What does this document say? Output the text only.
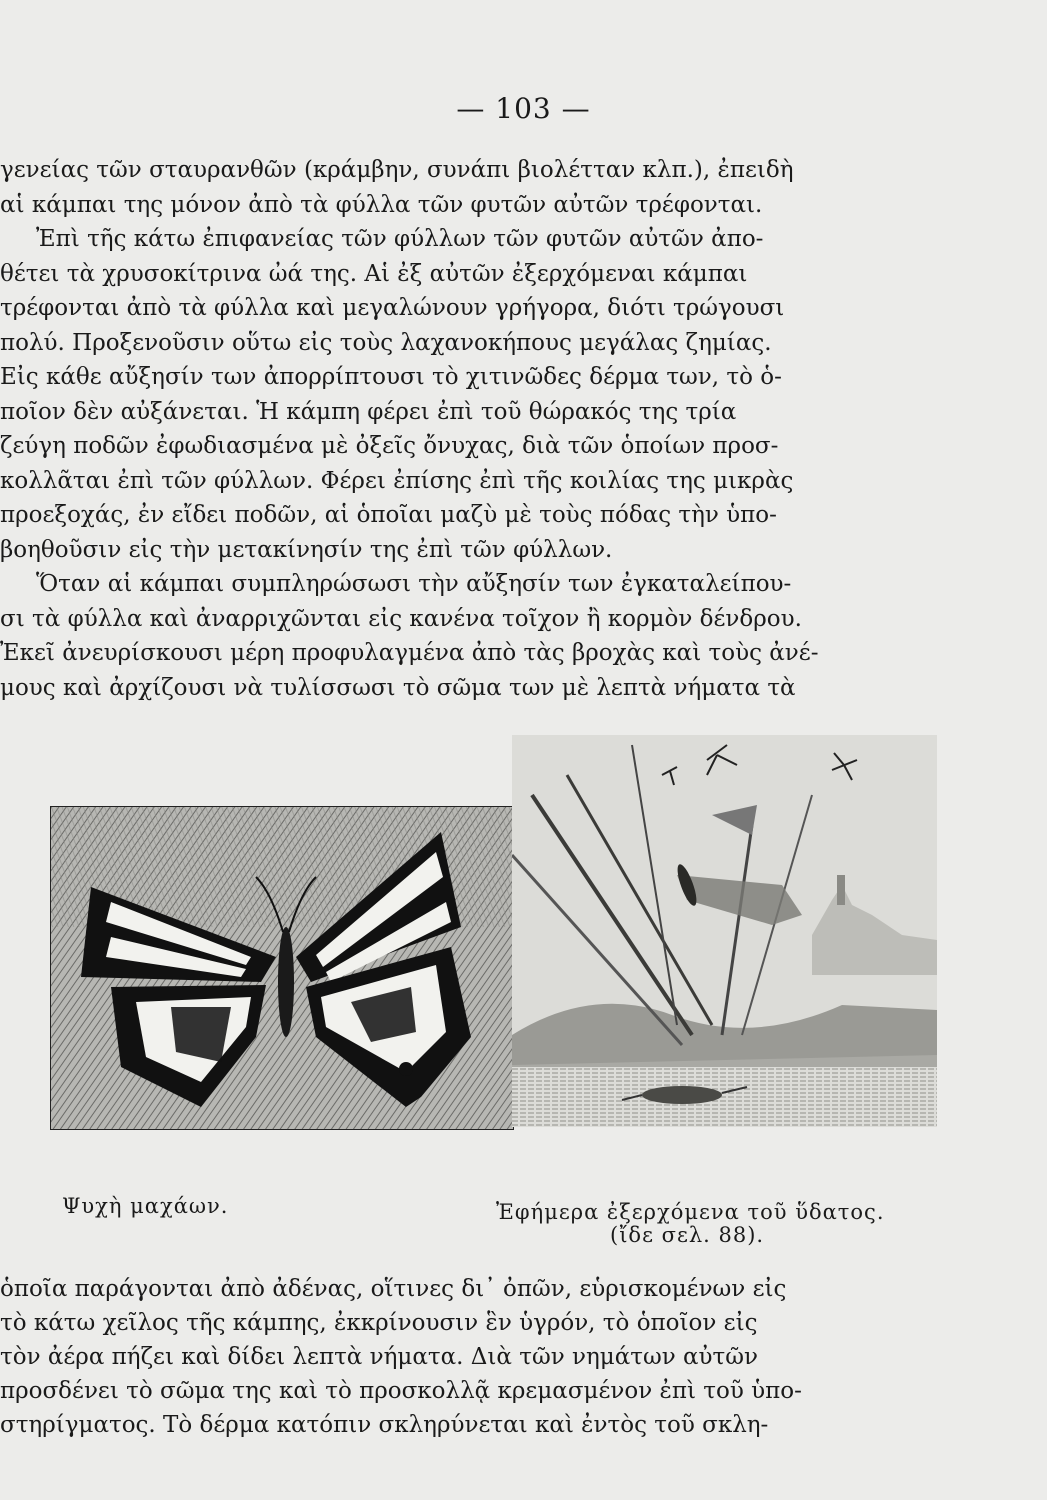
— 103 —

γενείας τῶν σταυρανθῶν (κράμβην, συνάπι βιολέτταν κλπ.), ἐπειδὴ

αἱ κάμπαι της μόνον ἀπὸ τὰ φύλλα τῶν φυτῶν αὐτῶν τρέφονται.

Ἐπὶ τῆς κάτω ἐπιφανείας τῶν φύλλων τῶν φυτῶν αὐτῶν ἀπο-

θέτει τὰ χρυσοκίτρινα ὠά της. Αἱ ἐξ αὐτῶν ἐξερχόμεναι κάμπαι

τρέφονται ἀπὸ τὰ φύλλα καὶ μεγαλώνουν γρήγορα, διότι τρώγουσι

πολύ. Προξενοῦσιν οὕτω εἰς τοὺς λαχανοκήπους μεγάλας ζημίας.

Εἰς κάθε αὔξησίν των ἀπορρίπτουσι τὸ χιτινῶδες δέρμα των, τὸ ὁ-

ποῖον δὲν αὐξάνεται. Ἡ κάμπη φέρει ἐπὶ τοῦ θώρακός της τρία

ζεύγη ποδῶν ἐφωδιασμένα μὲ ὀξεῖς ὄνυχας, διὰ τῶν ὁποίων προσ-

κολλᾶται ἐπὶ τῶν φύλλων. Φέρει ἐπίσης ἐπὶ τῆς κοιλίας της μικρὰς

προεξοχάς, ἐν εἴδει ποδῶν, αἱ ὁποῖαι μαζὺ μὲ τοὺς πόδας τὴν ὑπο-

βοηθοῦσιν εἰς τὴν μετακίνησίν της ἐπὶ τῶν φύλλων.

Ὅταν αἱ κάμπαι συμπληρώσωσι τὴν αὔξησίν των ἐγκαταλείπου-

σι τὰ φύλλα καὶ ἀναρριχῶνται εἰς κανένα τοῖχον ἢ κορμὸν δένδρου.

Ἐκεῖ ἀνευρίσκουσι μέρη προφυλαγμένα ἀπὸ τὰς βροχὰς καὶ τοὺς ἀνέ-

μους καὶ ἀρχίζουσι νὰ τυλίσσωσι τὸ σῶμα των μὲ λεπτὰ νήματα τὰ

Ψυχὴ μαχάων.	Ἐφήμερα ἐξερχόμενα τοῦ ὕδατος.
(ἴδε σελ. 88).

ὁποῖα παράγονται ἀπὸ ἀδένας, οἵτινες δι᾽ ὀπῶν, εὑρισκομένων εἰς

τὸ κάτω χεῖλος τῆς κάμπης, ἐκκρίνουσιν ἓν ὑγρόν, τὸ ὁποῖον εἰς

τὸν ἀέρα πήζει καὶ δίδει λεπτὰ νήματα. Διὰ τῶν νημάτων αὐτῶν

προσδένει τὸ σῶμα της καὶ τὸ προσκολλᾷ κρεμασμένον ἐπὶ τοῦ ὑπο-

στηρίγματος. Τὸ δέρμα κατόπιν σκληρύνεται καὶ ἐντὸς τοῦ σκλη-
